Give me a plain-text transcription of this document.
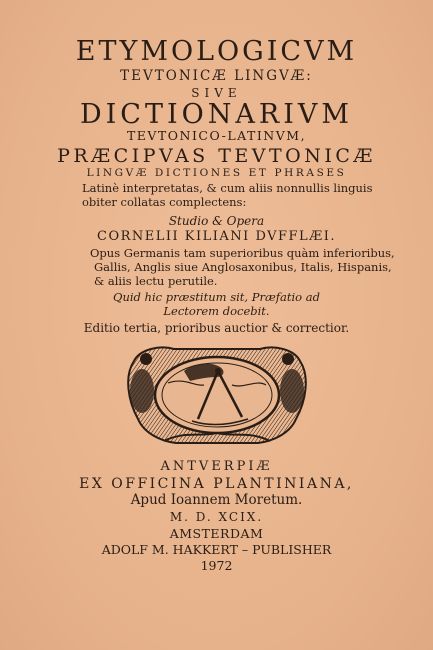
ETYMOLOGICVM
TEVTONICÆ LINGVÆ:
SIVE
DICTIONARIVM
TEVTONICO-LATINVM,
PRÆCIPVAS TEVTONICÆ
LINGVÆ DICTIONES ET PHRASES
Latinè interpretatas, & cum aliis nonnullis linguis
obiter collatas complectens:
Studio & Opera
CORNELII KILIANI DVFFLÆI.
Opus Germanis tam superioribus quàm inferioribus,
Gallis, Anglis siue Anglosaxonibus, Italis, Hispanis,
& aliis lectu perutile.
Quid hic præstitum sit, Præfatio ad
Lectorem docebit.
Editio tertia, prioribus auctior & correctior.
ANTVERPIÆ
EX OFFICINA PLANTINIANA,
Apud Ioannem Moretum.
M. D. XCIX.
AMSTERDAM
ADOLF M. HAKKERT – PUBLISHER
1972
